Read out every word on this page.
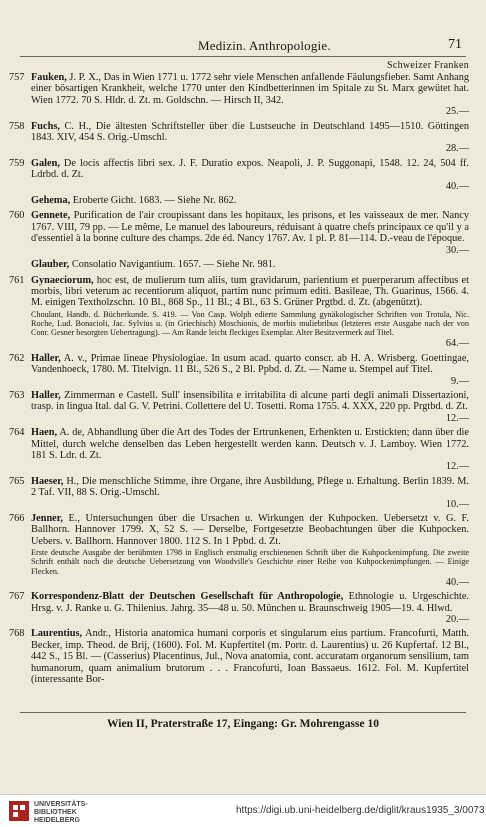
Medizin. Anthropologie.	71
Schweizer Franken
757 Fauken, J. P. X., Das in Wien 1771 u. 1772 sehr viele Menschen anfallende Fäulungsfieber. Samt Anhang einer bösartigen Krankheit, welche 1770 unter den Kindbetterinnen im Spitale zu St. Marx gewütet hat. Wien 1772. 70 S. Hldr. d. Zt. m. Goldschn. — Hirsch II, 342.

25.—
758 Fuchs, C. H., Die ältesten Schriftsteller über die Lustseuche in Deutschland 1495—1510. Göttingen 1843. XIV, 454 S. Orig.-Umschl.

28.—
759 Galen, De locis affectis libri sex. J. F. Duratio expos. Neapoli, J. P. Suggonapi, 1548. 12. 24, 504 ff. Ldrbd. d. Zt.

40.—
Gehema, Eroberte Gicht. 1683. — Siehe Nr. 862.
760 Gennete, Purification de l'air croupissant dans les hopitaux, les prisons, et les vaisseaux de mer. Nancy 1767. VIII, 79 pp. — Le même, Le manuel des laboureurs, réduisant à quatre chefs principaux ce qu'il y a d'essentiel à la bonne culture des champs. 2de éd. Nancy 1767. Av. 1 pl. P. 81—114. D.-veau de l'époque.

30.—
Glauber, Consolatio Navigantium. 1657. — Siehe Nr. 981.
761 Gynaeciorum, hoc est, de mulierum tum aliis, tum gravidarum, parientium et puerperarum affectibus et morbis, libri veterum ac recentiorum aliquot, partim nunc primum editi. Basileae, Th. Guarinus, 1566. 4. M. einigen Textholzschn. 10 Bl., 868 Sp., 11 Bl.; 4 Bl., 63 S. Grüner Prgtbd. d. Zt. (abgenützt).

Choulant, Handb. d. Bücherkunde. S. 419. — Von Casp. Wolph edierte Sammlung gynäkologischer Schriften von Trotula, Nic. Roche, Lud. Bonacioli, Jac. Sylvius u. (in Griechisch) Moschionis, de morbis muliebribus (letzteres erste Ausgabe nach der von Conr. Gesner besorgten Uebertragung). — Am Rande leicht fleckiges Exemplar. Alter Besitzvermerk auf Titel.
64.—
762 Haller, A. v., Primae lineae Physiologiae. In usum acad. quarto conscr. ab H. A. Wrisberg. Goettingae, Vandenhoeck, 1780. M. Titelvign. 11 Bl., 526 S., 2 Bl. Ppbd. d. Zt. — Name u. Stempel auf Titel.

9.—
763 Haller, Zimmerman e Castell. Sull' insensibilita e irritabilita di alcune parti degli animali Dissertazioni, trasp. in lingua Ital. dal G. V. Petrini. Collettere del U. Tosetti. Roma 1755. 4. XXX, 220 pp. Prgtbd. d. Zt.

12.—
764 Haen, A. de, Abhandlung über die Art des Todes der Ertrunkenen, Erhenkten u. Erstickten; dann über die Mittel, durch welche denselben das Leben hergestellt werden kann. Deutsch v. J. Lamboy. Wien 1772. 181 S. Ldr. d. Zt.

12.—
765 Haeser, H., Die menschliche Stimme, ihre Organe, ihre Ausbildung, Pflege u. Erhaltung. Berlin 1839. M. 2 Taf. VII, 88 S. Orig.-Umschl.

10.—
766 Jenner, E., Untersuchungen über die Ursachen u. Wirkungen der Kuhpocken. Uebersetzt v. G. F. Ballhorn. Hannover 1799. X, 52 S. — Derselbe, Fortgesetzte Beobachtungen über die Kuhpocken. Uebers. v. Ballhorn. Hannover 1800. 112 S. In 1 Ppbd. d. Zt.

Erste deutsche Ausgabe der berühmten 1798 in Englisch erstmalig erschienenen Schrift über die Kuhpockenimpfung. Die zweite Schrift enthält noch die deutsche Uebersetzung von Woodville's Geschichte einer Reihe von Kuhpockenimpfungen. — Einige Flecken.
40.—
767 Korrespondenz-Blatt der Deutschen Gesellschaft für Anthropologie, Ethnologie u. Urgeschichte. Hrsg. v. J. Ranke u. G. Thilenius. Jahrg. 35—48 u. 50. München u. Braunschweig 1905—19. 4. Hlwd.

20.—
768 Laurentius, Andr., Historia anatomica humani corporis et singularum eius partium. Francofurti, Matth. Becker, imp. Theod. de Brij, (1600). Fol. M. Kupfertitel (m. Portr. d. Laurentius) u. 26 Kupfertaf. 12 Bl., 442 S., 15 Bl. — (Casserius) Placentinus, Jul., Nova anatomia, cont. accuratam organorum sensilium, tam humanorum, quam animalium brutorum . . . Francofurti, Ioan Bassaeus. 1612. Fol. M. Kupfertitel (interessante Bor-

Wien II, Praterstraße 17, Eingang: Gr. Mohrengasse 10
UNIVERSITÄTS-
BIBLIOTHEK
HEIDELBERG
https://digi.ub.uni-heidelberg.de/diglit/kraus1935_3/0073
